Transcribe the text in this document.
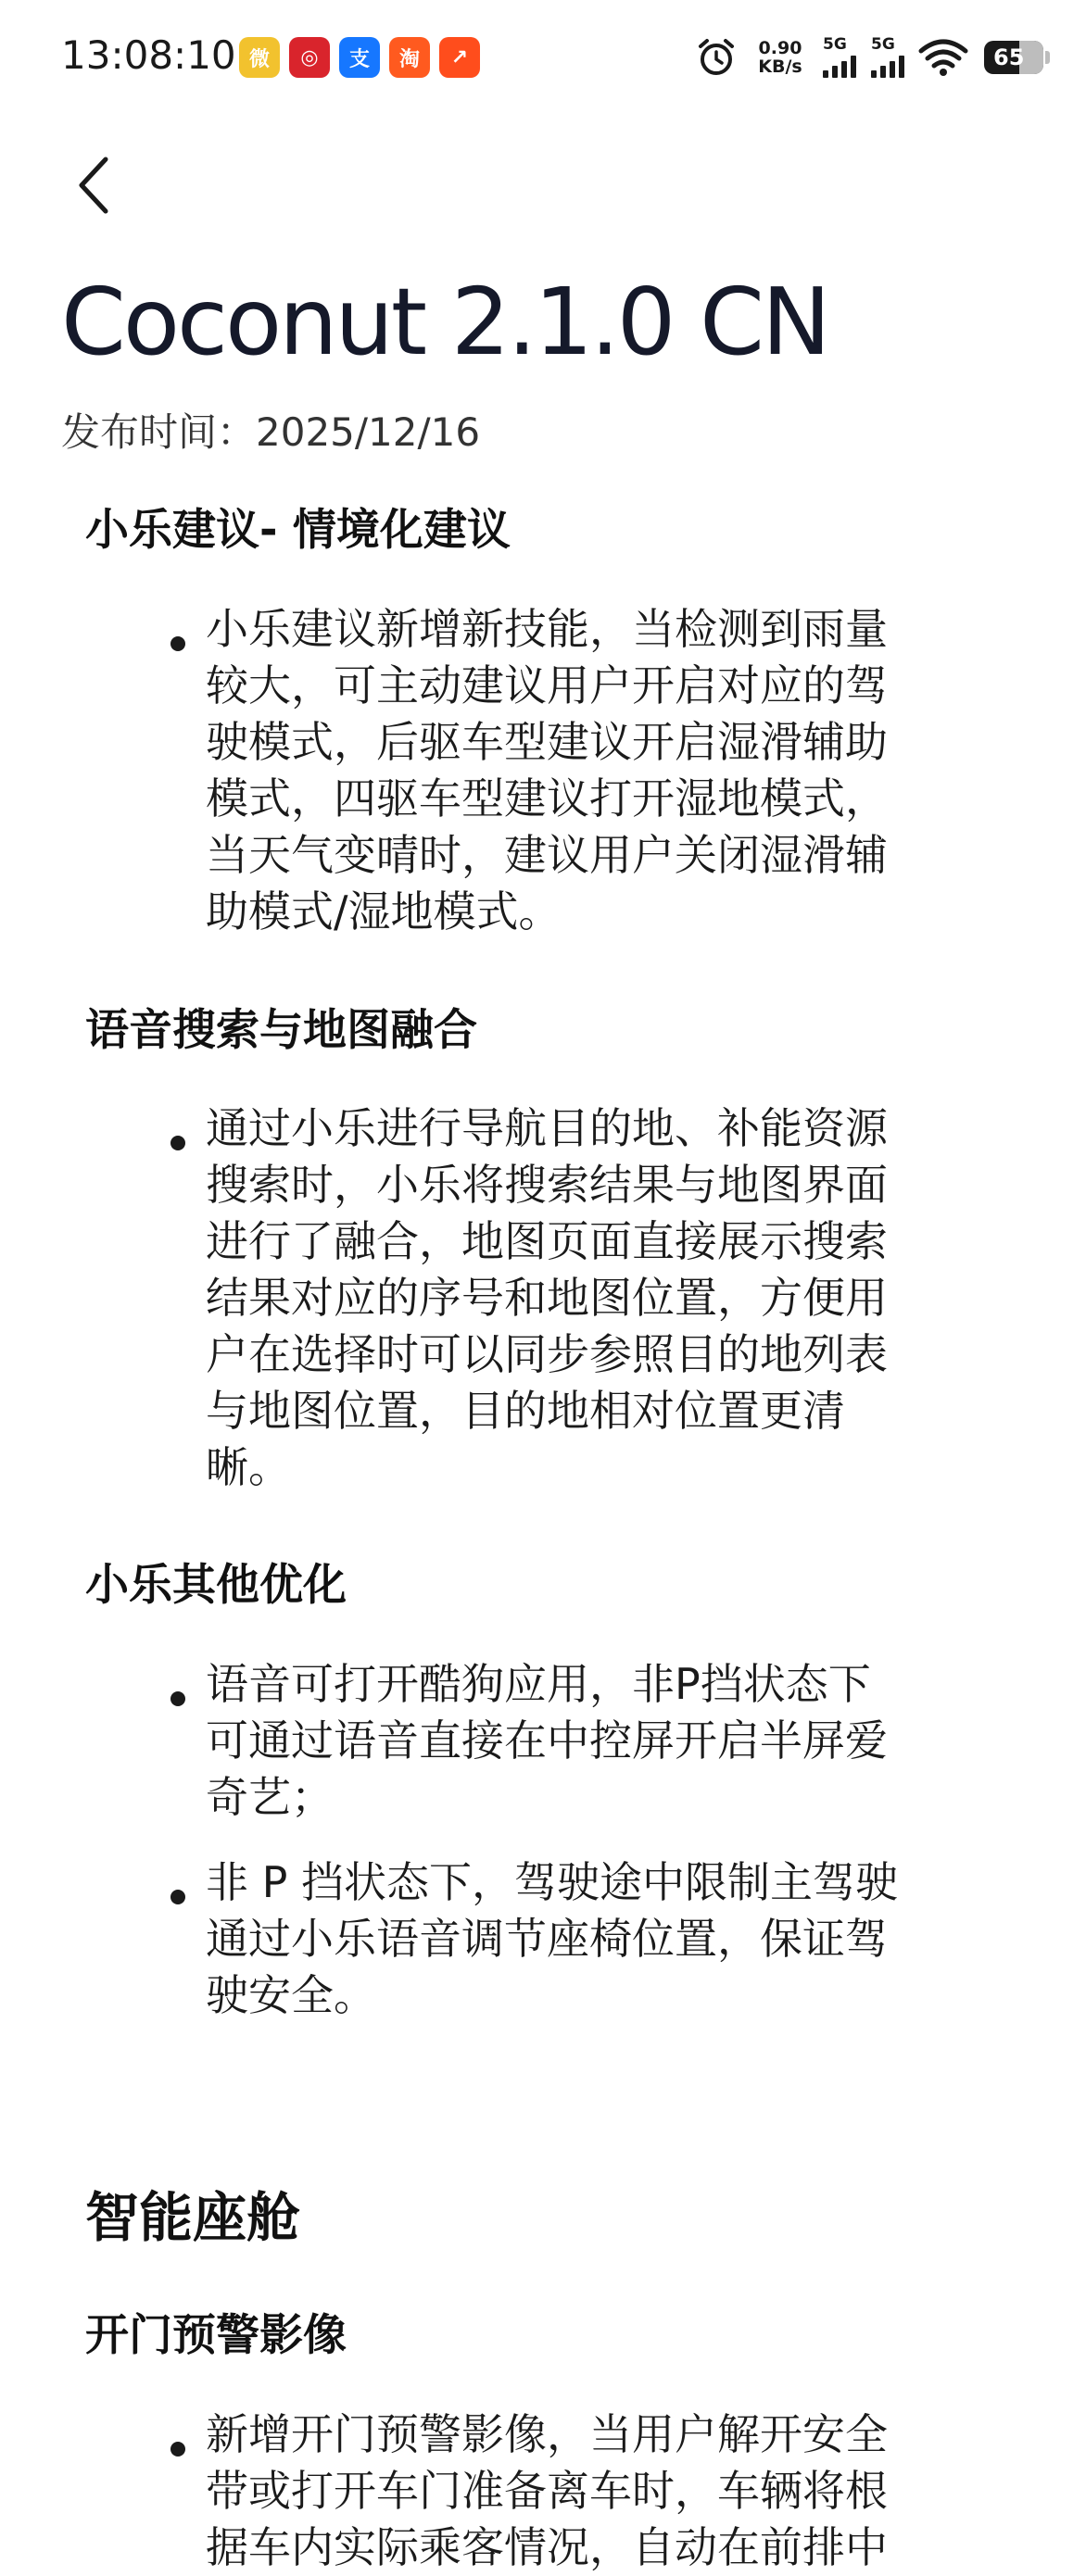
13:08:10 微	◎	支	淘	↗	0.90
KB/s
5G 5G	65
Coconut 2.1.0 CN
发布时间：2025/12/16
小乐建议- 情境化建议
小乐建议新增新技能，当检测到雨量
较大，可主动建议用户开启对应的驾
驶模式，后驱车型建议开启湿滑辅助
模式，四驱车型建议打开湿地模式，
当天气变晴时，建议用户关闭湿滑辅
助模式/湿地模式。
语音搜索与地图融合
通过小乐进行导航目的地、补能资源
搜索时，小乐将搜索结果与地图界面
进行了融合，地图页面直接展示搜索
结果对应的序号和地图位置，方便用
户在选择时可以同步参照目的地列表
与地图位置，目的地相对位置更清
晰。
小乐其他优化
语音可打开酷狗应用，非P挡状态下
可通过语音直接在中控屏开启半屏爱
奇艺；
非 P 挡状态下，驾驶途中限制主驾驶
通过小乐语音调节座椅位置，保证驾
驶安全。
智能座舱
开门预警影像
新增开门预警影像，当用户解开安全
带或打开车门准备离车时，车辆将根
据车内实际乘客情况，自动在前排中
